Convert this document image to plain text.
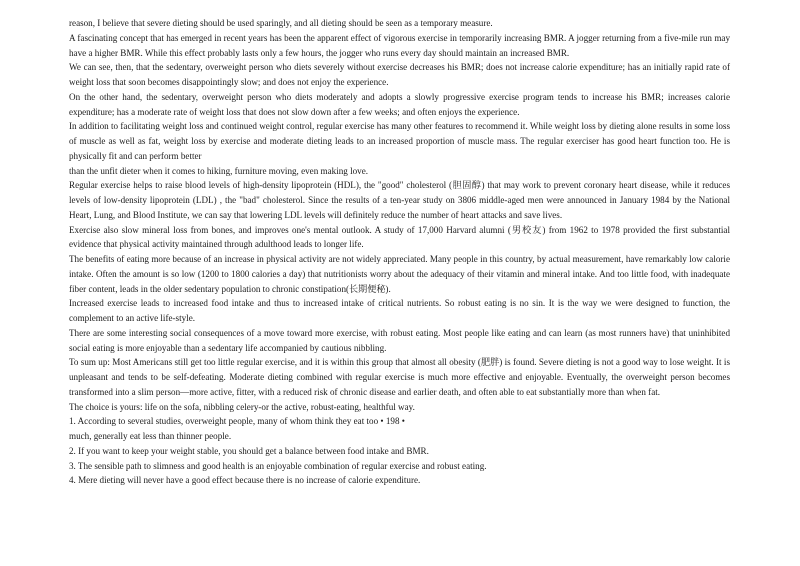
reason, I believe that severe dieting should be used sparingly, and all dieting should be seen as a temporary measure.
A fascinating concept that has emerged in recent years has been the apparent effect of vigorous exercise in temporarily increasing BMR. A jogger returning from a five-mile run may have a higher BMR. While this effect probably lasts only a few hours, the jogger who runs every day should maintain an increased BMR.
We can see, then, that the sedentary, overweight person who diets severely without exercise decreases his BMR; does not increase calorie expenditure; has an initially rapid rate of weight loss that soon becomes disappointingly slow; and does not enjoy the experience.
On the other hand, the sedentary, overweight person who diets moderately and adopts a slowly progressive exercise program tends to increase his BMR; increases calorie expenditure; has a moderate rate of weight loss that does not slow down after a few weeks; and often enjoys the experience.
In addition to facilitating weight loss and continued weight control, regular exercise has many other features to recommend it. While weight loss by dieting alone results in some loss of muscle as well as fat, weight loss by exercise and moderate dieting leads to an increased proportion of muscle mass. The regular exerciser has good heart function too. He is physically fit and can perform better
than the unfit dieter when it comes to hiking, furniture moving, even making love.
Regular exercise helps to raise blood levels of high-density lipoprotein (HDL), the "good" cholesterol (胆固醇) that may work to prevent coronary heart disease, while it reduces levels of low-density lipoprotein (LDL) , the "bad" cholesterol. Since the results of a ten-year study on 3806 middle-aged men were announced in January 1984 by the National Heart, Lung, and Blood Institute, we can say that lowering LDL levels will definitely reduce the number of heart attacks and save lives.
Exercise also slow mineral loss from bones, and improves one's mental outlook. A study of 17,000 Harvard alumni (男校友) from 1962 to 1978 provided the first substantial evidence that physical activity maintained through adulthood leads to longer life.
The benefits of eating more because of an increase in physical activity are not widely appreciated. Many people in this country, by actual measurement, have remarkably low calorie intake. Often the amount is so low (1200 to 1800 calories a day) that nutritionists worry about the adequacy of their vitamin and mineral intake. And too little food, with inadequate fiber content, leads in the older sedentary population to chronic constipation(长期便秘).
Increased exercise leads to increased food intake and thus to increased intake of critical nutrients. So robust eating is no sin. It is the way we were designed to function, the complement to an active life-style.
There are some interesting social consequences of a move toward more exercise, with robust eating. Most people like eating and can learn (as most runners have) that uninhibited social eating is more enjoyable than a sedentary life accompanied by cautious nibbling.
To sum up: Most Americans still get too little regular exercise, and it is within this group that almost all obesity (肥胖) is found. Severe dieting is not a good way to lose weight. It is unpleasant and tends to be self-defeating. Moderate dieting combined with regular exercise is much more effective and enjoyable. Eventually, the overweight person becomes transformed into a slim person—more active, fitter, with a reduced risk of chronic disease and earlier death, and often able to eat substantially more than when fat.
The choice is yours: life on the sofa, nibbling celery-or the active, robust-eating, healthful way.
1. According to several studies, overweight people, many of whom think they eat too • 198 •
much, generally eat less than thinner people.
2. If you want to keep your weight stable, you should get a balance between food intake and BMR.
3. The sensible path to slimness and good health is an enjoyable combination of regular exercise and robust eating.
4. Mere dieting will never have a good effect because there is no increase of calorie expenditure.
